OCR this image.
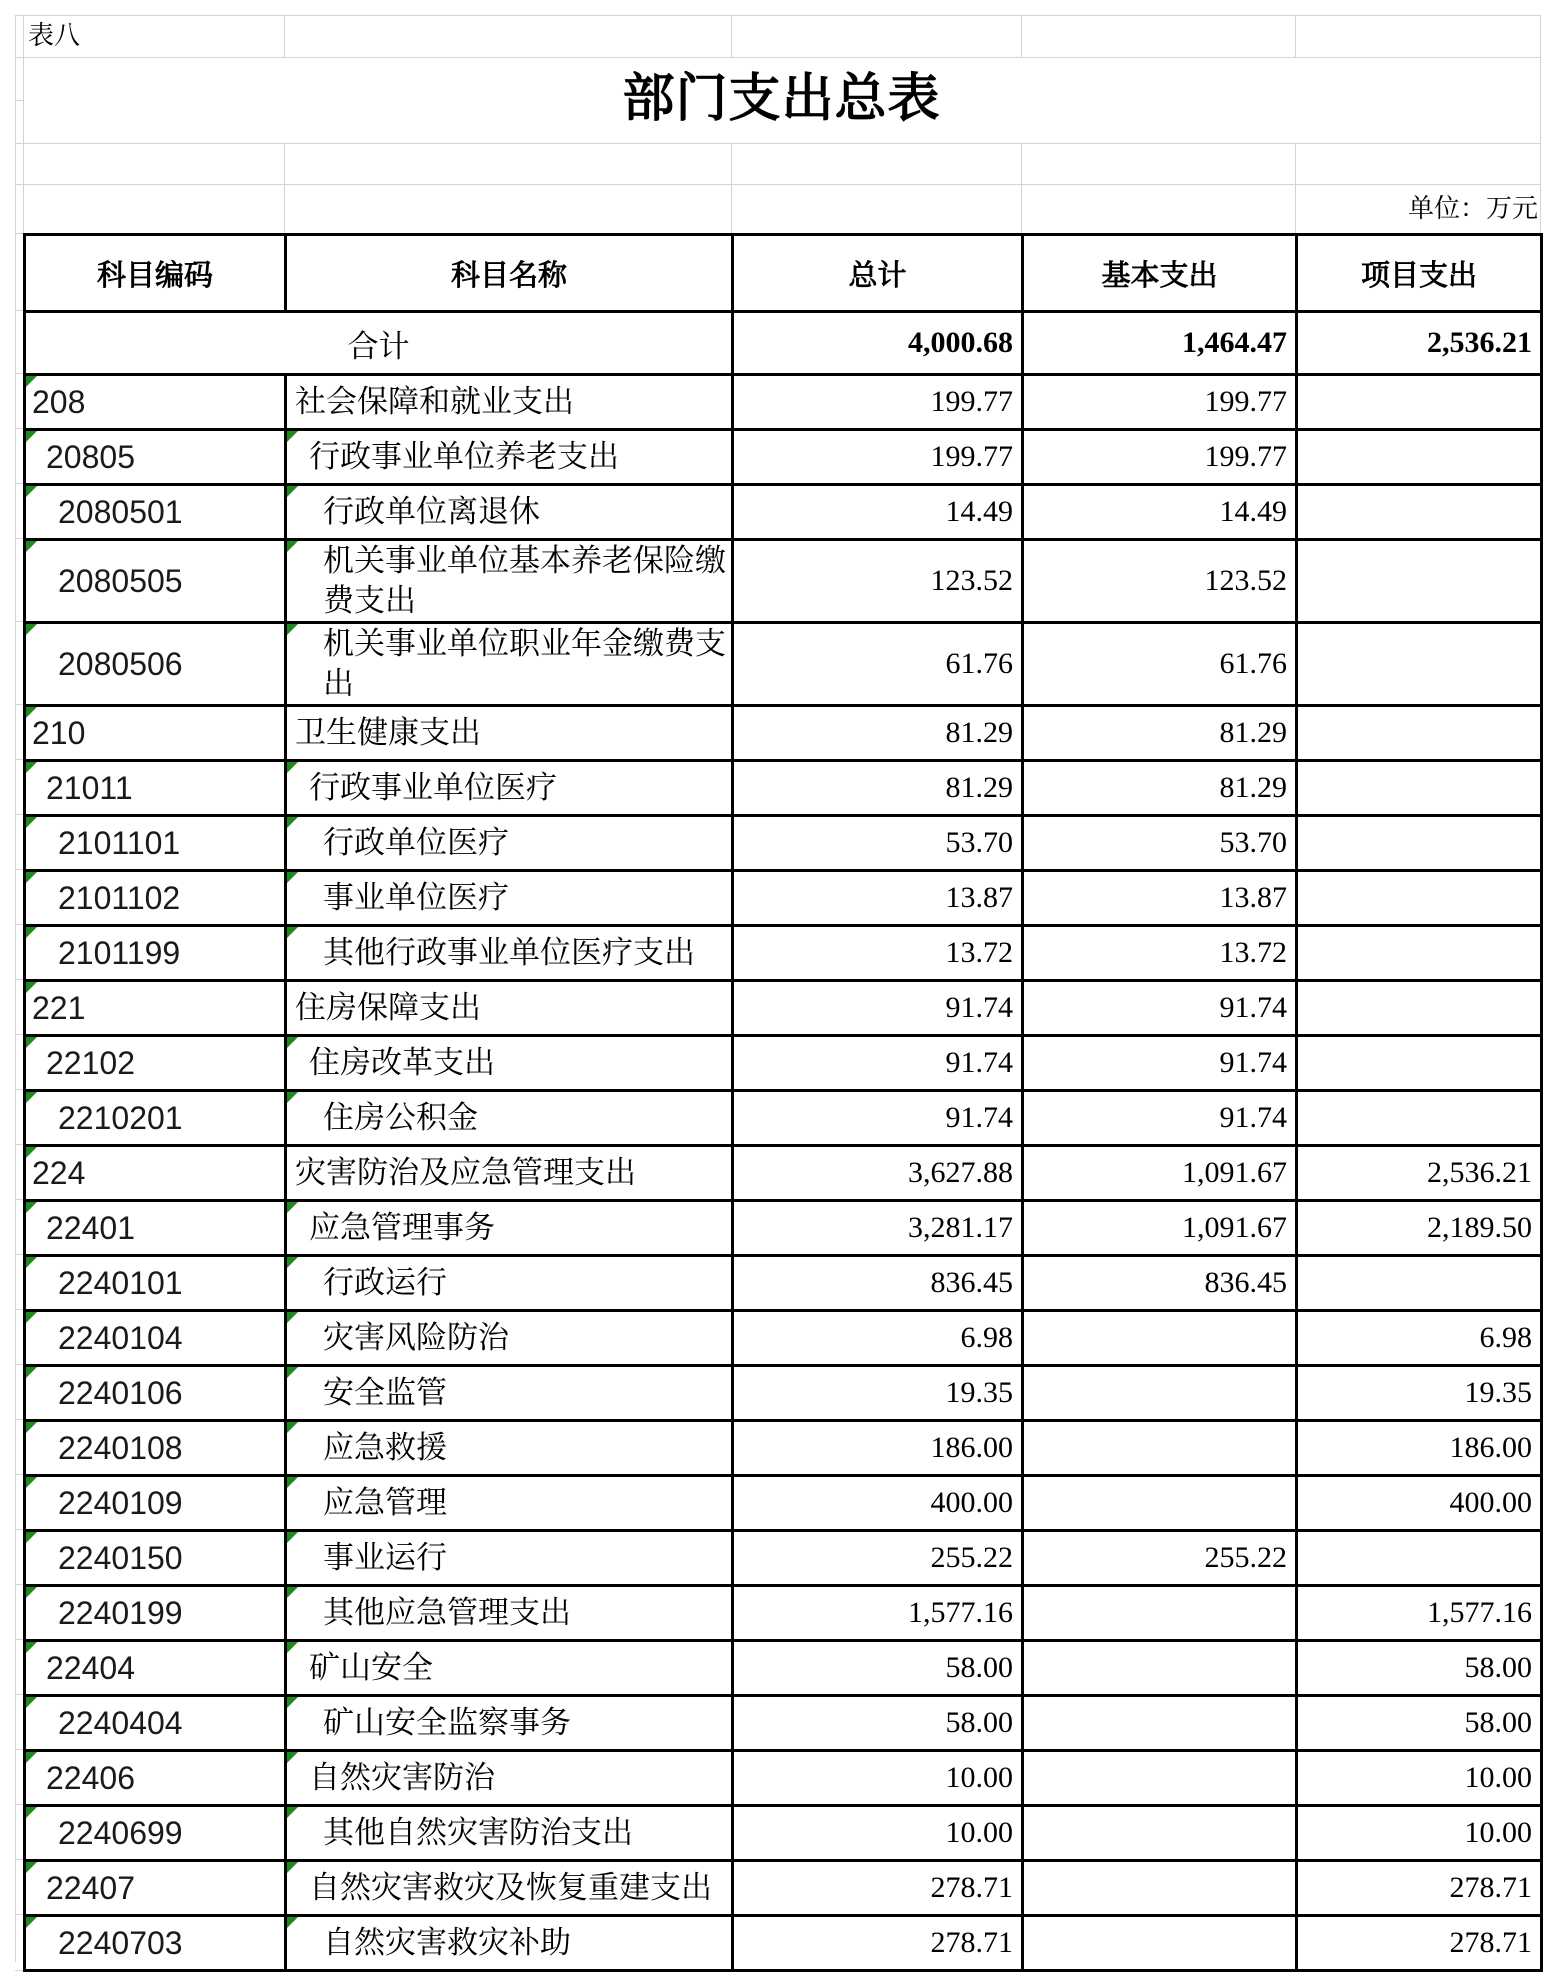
表八
部门支出总表
单位：万元
科目编码	科目名称	总计	基本支出	项目支出
合计		4,000.68	1,464.47	2,536.21

208	社会保障和就业支出	199.77	199.77	

20805	行政事业单位养老支出	199.77	199.77	

2080501	行政单位离退休	14.49	14.49	

2080505	机关事业单位基本养老保险缴费支出	123.52	123.52	

2080506	机关事业单位职业年金缴费支出	61.76	61.76	

210	卫生健康支出	81.29	81.29	

21011	行政事业单位医疗	81.29	81.29	

2101101	行政单位医疗	53.70	53.70	

2101102	事业单位医疗	13.87	13.87	

2101199	其他行政事业单位医疗支出	13.72	13.72	

221	住房保障支出	91.74	91.74	

22102	住房改革支出	91.74	91.74	

2210201	住房公积金	91.74	91.74	

224	灾害防治及应急管理支出	3,627.88	1,091.67	2,536.21

22401	应急管理事务	3,281.17	1,091.67	2,189.50

2240101	行政运行	836.45	836.45	

2240104	灾害风险防治	6.98		6.98

2240106	安全监管	19.35		19.35

2240108	应急救援	186.00		186.00

2240109	应急管理	400.00		400.00

2240150	事业运行	255.22	255.22	

2240199	其他应急管理支出	1,577.16		1,577.16

22404	矿山安全	58.00		58.00

2240404	矿山安全监察事务	58.00		58.00

22406	自然灾害防治	10.00		10.00

2240699	其他自然灾害防治支出	10.00		10.00

22407	自然灾害救灾及恢复重建支出	278.71		278.71

2240703	自然灾害救灾补助	278.71		278.71
